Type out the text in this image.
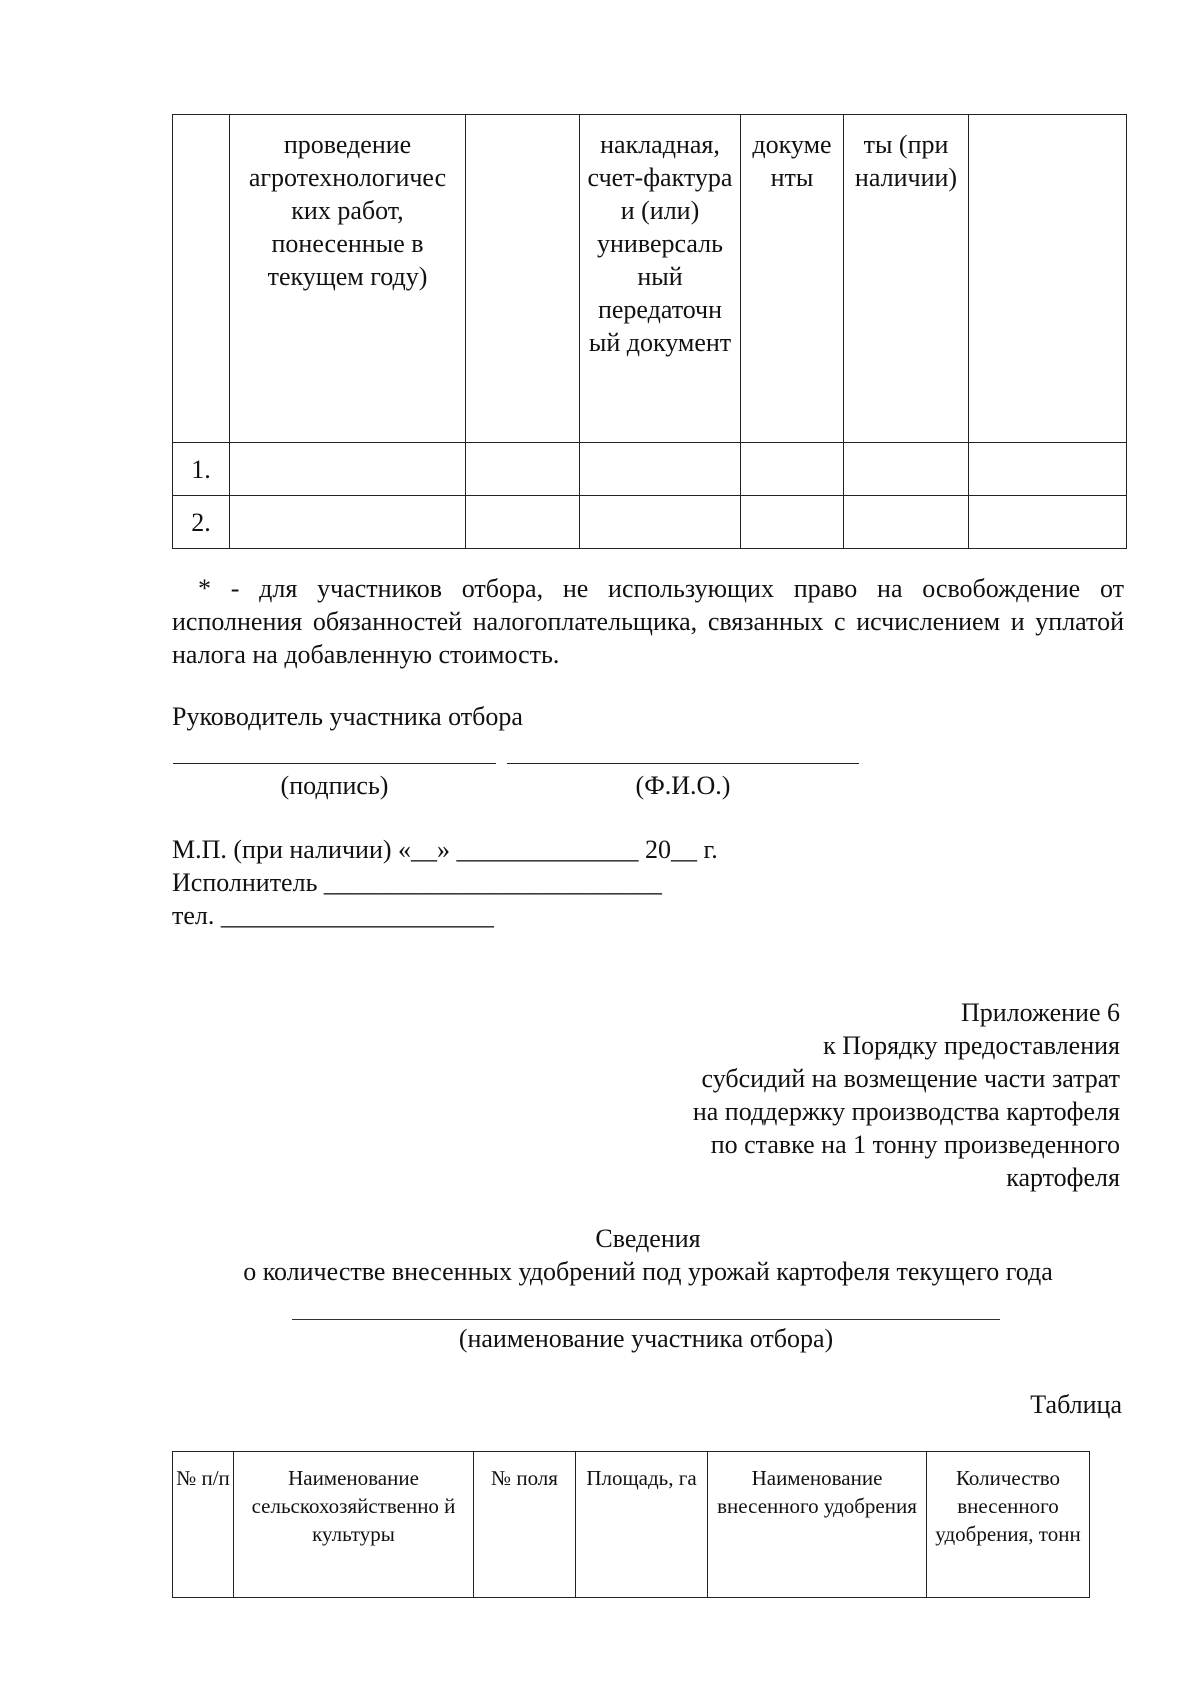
	проведение агротехнологичес ких работ, понесенные в текущем году)		накладная, счет-фактура и (или) универсаль ный передаточн ый документ	докуме нты	ты (при наличии)	
1.						
2.						
* - для участников отбора, не использующих право на освобождение от исполнения обязанностей налогоплательщика, связанных с исчислением и уплатой налога на добавленную стоимость.
Руководитель участника отбора
(подпись)	(Ф.И.О.)
М.П. (при наличии) «__» ______________ 20__ г.
Исполнитель __________________________
тел. _____________________
Приложение 6
к Порядку предоставления
субсидий на возмещение части затрат
на поддержку производства картофеля
по ставке на 1 тонну произведенного
картофеля
Сведения
о количестве внесенных удобрений под урожай картофеля текущего года
(наименование участника отбора)
Таблица
№ п/п	Наименование сельскохозяйственно й культуры	№ поля	Площадь, га	Наименование внесенного удобрения	Количество внесенного удобрения, тонн
